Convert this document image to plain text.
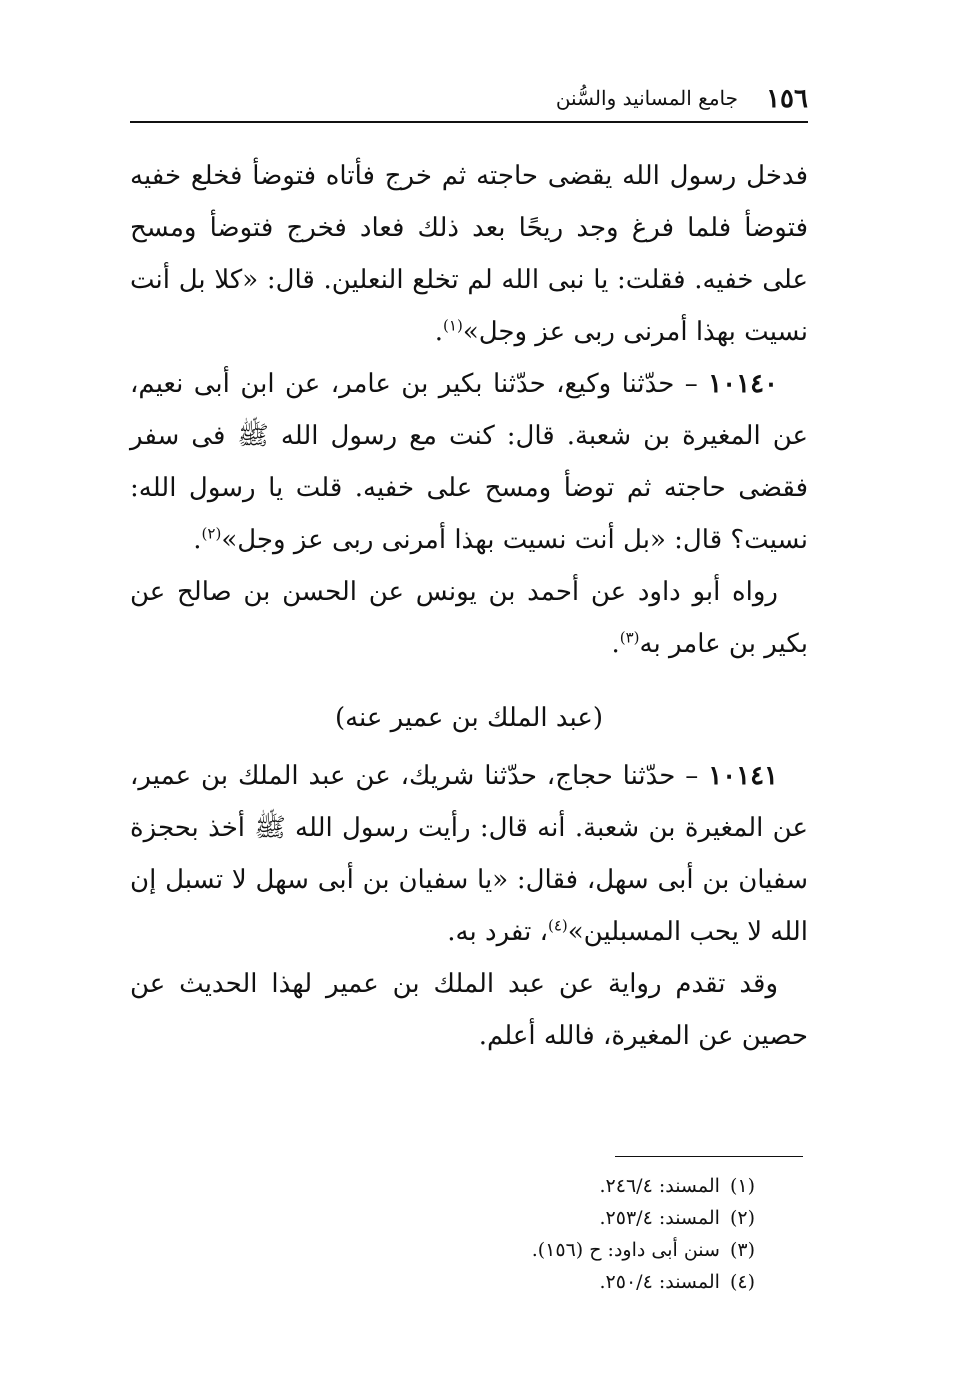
١٥٦
جامع المسانيد والسُّنن

فدخل رسول الله يقضى حاجته ثم خرج فأتاه فتوضأ فخلع خفيه فتوضأ فلما فرغ وجد ريحًا بعد ذلك فعاد فخرج فتوضأ ومسح على خفيه. فقلت: يا نبى الله لم تخلع النعلين. قال: «كلا بل أنت نسيت بهذا أمرنى ربى عز وجل»$^{(١)}$.

١٠١٤٠ – حدّثنا وكيع، حدّثنا بكير بن عامر، عن ابن أبى نعيم، عن المغيرة بن شعبة. قال: كنت مع رسول الله ﷺ فى سفر فقضى حاجته ثم توضأ ومسح على خفيه. قلت يا رسول الله: نسيت؟ قال: «بل أنت نسيت بهذا أمرنى ربى عز وجل»$^{(٢)}$.

رواه أبو داود عن أحمد بن يونس عن الحسن بن صالح عن بكير بن عامر به$^{(٣)}$.

(عبد الملك بن عمير عنه)

١٠١٤١ – حدّثنا حجاج، حدّثنا شريك، عن عبد الملك بن عمير، عن المغيرة بن شعبة. أنه قال: رأيت رسول الله ﷺ أخذ بحجزة سفيان بن أبى سهل، فقال: «يا سفيان بن أبى سهل لا تسبل إن الله لا يحب المسبلين»$^{(٤)}$، تفرد به.

وقد تقدم رواية عن عبد الملك بن عمير لهذا الحديث عن حصين عن المغيرة، فالله أعلم.

(١)المسند: ٢٤٦/٤.

(٢)المسند: ٢٥٣/٤.

(٣)سنن أبى داود: ح (١٥٦).

(٤)المسند: ٢٥٠/٤.
